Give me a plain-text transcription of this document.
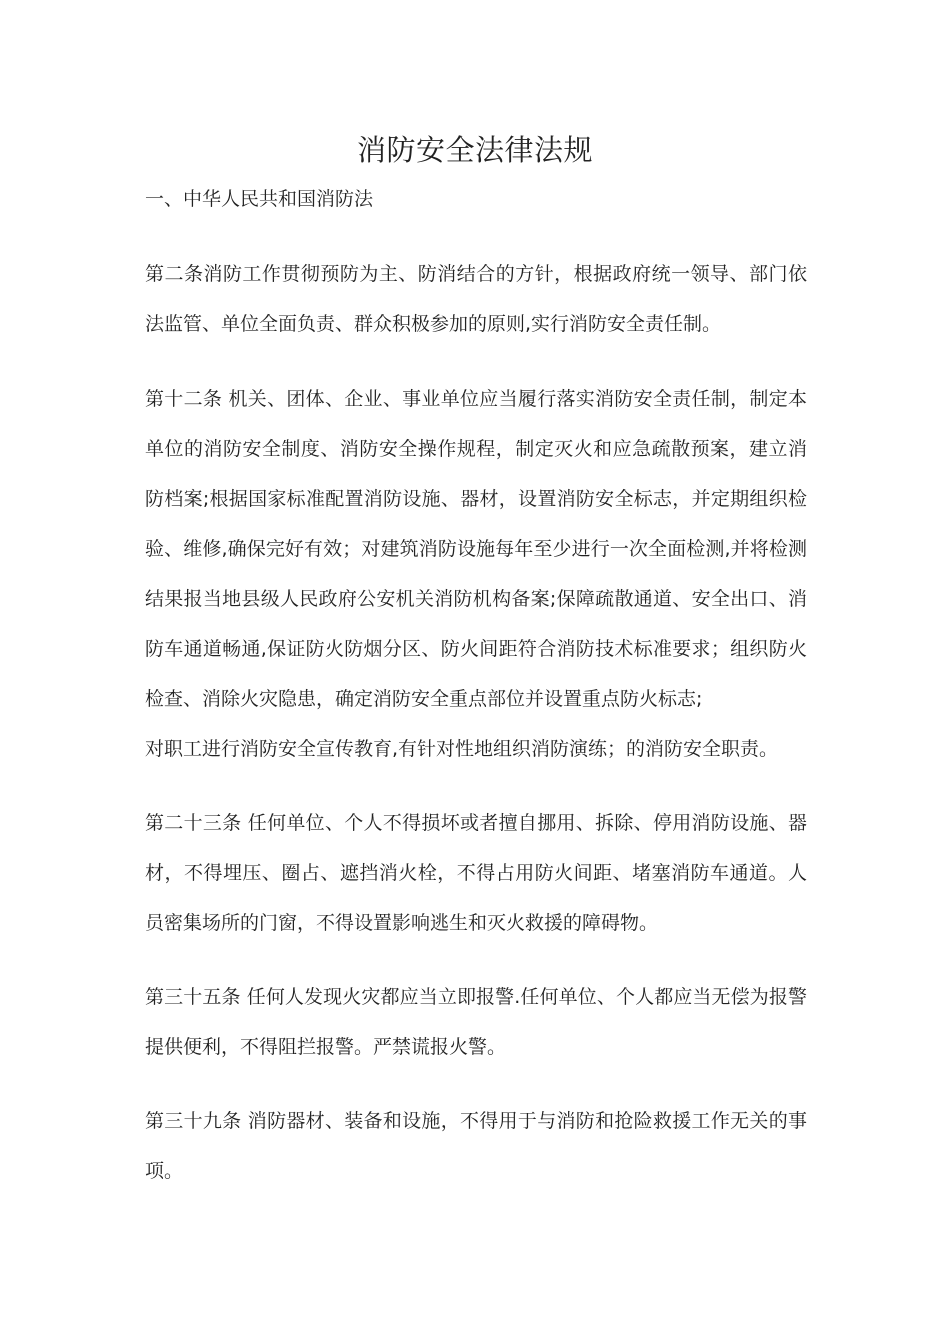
消防安全法律法规
一、中华人民共和国消防法

第二条消防工作贯彻预防为主、防消结合的方针，根据政府统一领导、部门依法监管、单位全面负责、群众积极参加的原则,实行消防安全责任制。

第十二条 机关、团体、企业、事业单位应当履行落实消防安全责任制，制定本单位的消防安全制度、消防安全操作规程，制定灭火和应急疏散预案，建立消防档案;根据国家标准配置消防设施、器材，设置消防安全标志，并定期组织检验、维修,确保完好有效；对建筑消防设施每年至少进行一次全面检测,并将检测结果报当地县级人民政府公安机关消防机构备案;保障疏散通道、安全出口、消防车通道畅通,保证防火防烟分区、防火间距符合消防技术标准要求；组织防火检查、消除火灾隐患，确定消防安全重点部位并设置重点防火标志;

对职工进行消防安全宣传教育,有针对性地组织消防演练；的消防安全职责。

第二十三条 任何单位、个人不得损坏或者擅自挪用、拆除、停用消防设施、器材，不得埋压、圈占、遮挡消火栓，不得占用防火间距、堵塞消防车通道。人员密集场所的门窗，不得设置影响逃生和灭火救援的障碍物。

第三十五条 任何人发现火灾都应当立即报警.任何单位、个人都应当无偿为报警提供便利，不得阻拦报警。严禁谎报火警。

第三十九条 消防器材、装备和设施，不得用于与消防和抢险救援工作无关的事项。
